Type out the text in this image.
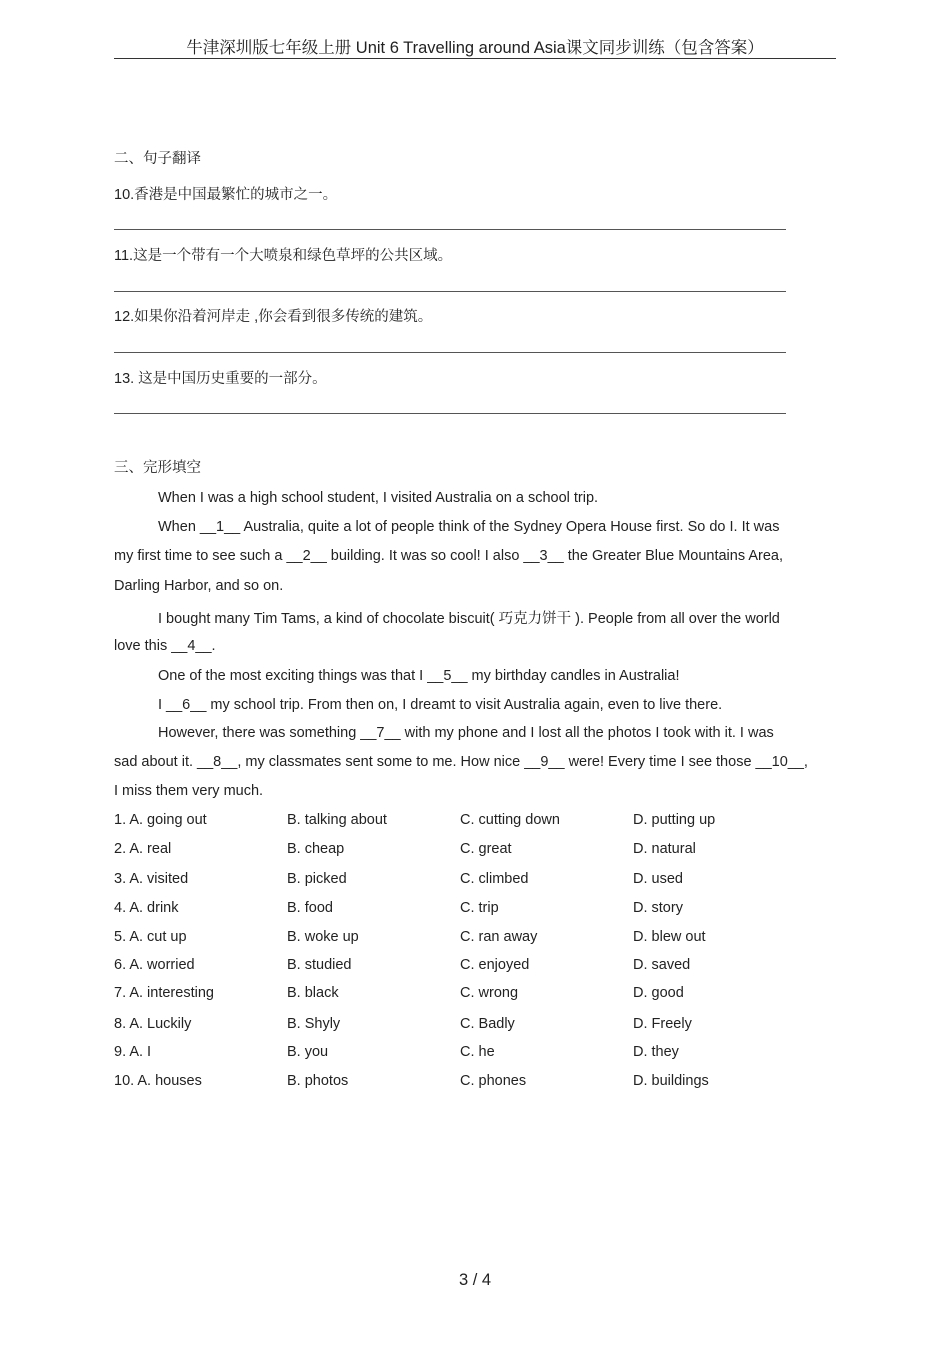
牛津深圳版七年级上册 Unit 6 Travelling around Asia课文同步训练（包含答案）
二、句子翻译
10.香港是中国最繁忙的城市之一。
11.这是一个带有一个大喷泉和绿色草坪的公共区域。
12.如果你沿着河岸走 ,你会看到很多传统的建筑。
13. 这是中国历史重要的一部分。
三、完形填空
When I was a high school student, I visited Australia on a school trip.
When __1__ Australia, quite a lot of people think of the Sydney Opera House first. So do I. It was
my first time to see such a __2__ building. It was so cool! I also __3__ the Greater Blue Mountains Area,
Darling Harbor, and so on.
I bought many Tim Tams, a kind of chocolate biscuit( 巧克力饼干 ). People from all over the world
love this __4__.
One of the most exciting things was that I __5__ my birthday candles in Australia!
I __6__ my school trip. From then on, I dreamt to visit Australia again, even to live there.
However, there was something __7__ with my phone and I lost all the photos I took with it. I was
sad about it. __8__, my classmates sent some to me. How nice __9__ were! Every time I see those __10__,
I miss them very much.
1. A. going out	B. talking about	C. cutting down	D. putting up
2. A. real	B. cheap	C. great	D. natural
3. A. visited	B. picked	C. climbed	D. used
4. A. drink	B. food	C. trip	D. story
5. A. cut up	B. woke up	C. ran away	D. blew out
6. A. worried	B. studied	C. enjoyed	D. saved
7. A. interesting	B. black	C. wrong	D. good
8. A. Luckily	B. Shyly	C. Badly	D. Freely
9. A. I	B. you	C. he	D. they
10. A. houses	B. photos	C. phones	D. buildings
3 / 4
